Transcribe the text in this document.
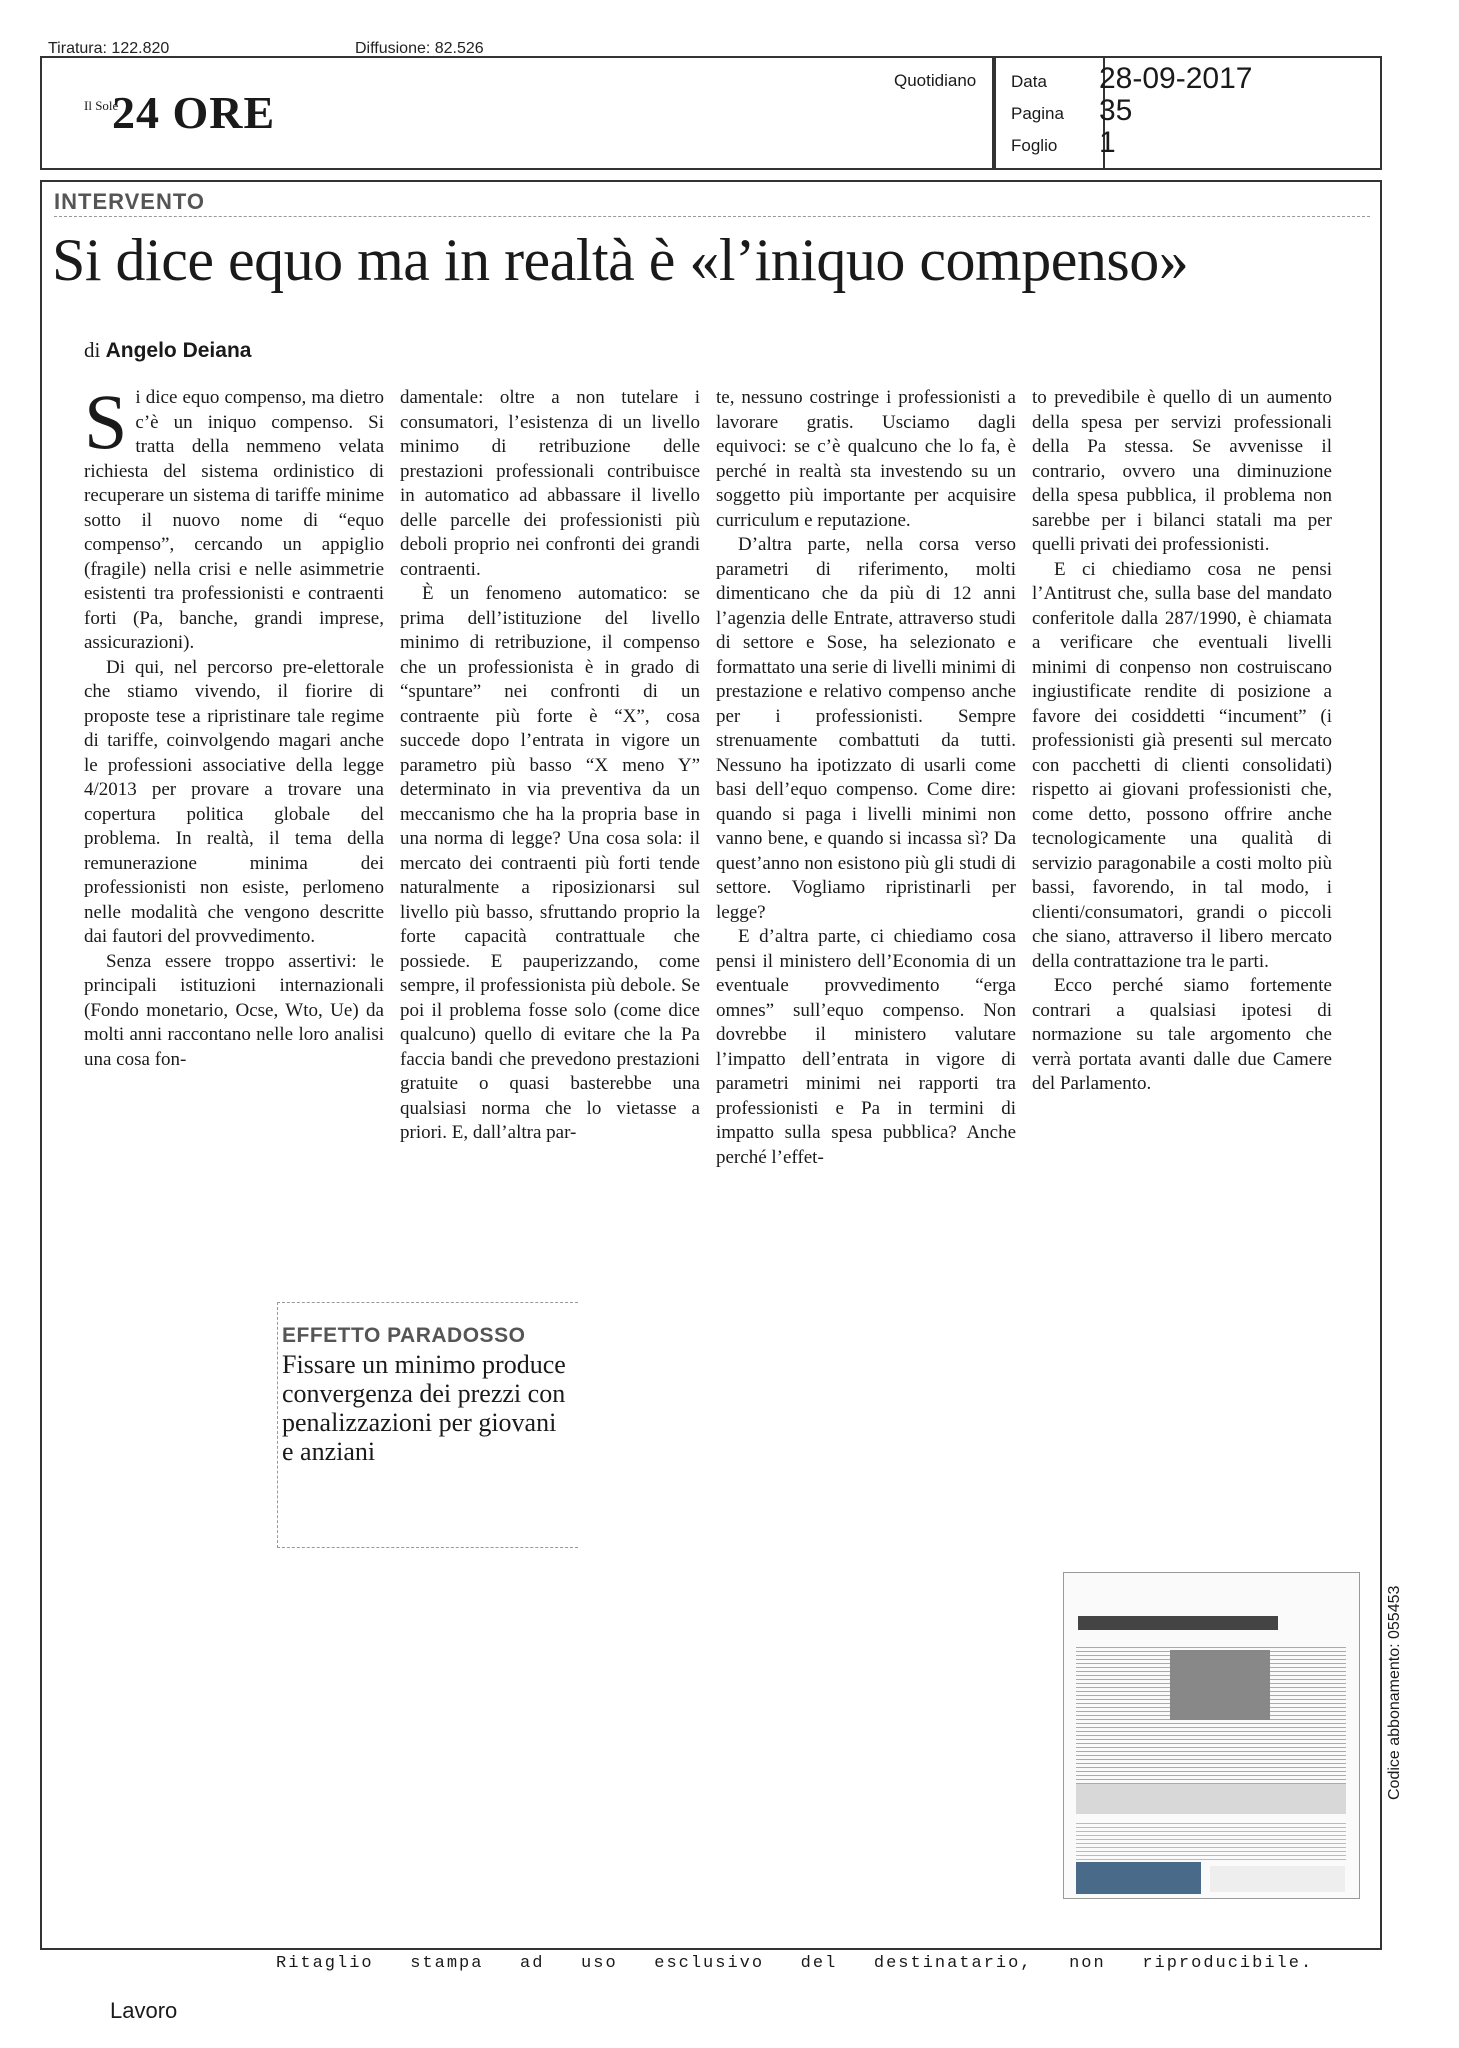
Tiratura: 122.820	Diffusione: 82.526
Il Sole
24 ORE
Quotidiano Data 28-09-2017
Pagina 35
Foglio 1
INTERVENTO
Si dice equo ma in realtà è «l’iniquo compenso»
di Angelo Deiana

Si dice equo compenso, ma dietro c’è un iniquo compenso. Si tratta della nemmeno velata richiesta del sistema ordinistico di recuperare un sistema di tariffe minime sotto il nuovo nome di “equo compenso”, cercando un appiglio (fragile) nella crisi e nelle asimmetrie esistenti tra professionisti e contraenti forti (Pa, banche, grandi imprese, assicurazioni).

Di qui, nel percorso pre-elettorale che stiamo vivendo, il fiorire di proposte tese a ripristinare tale regime di tariffe, coinvolgendo magari anche le professioni associative della legge 4/2013 per provare a trovare una copertura politica globale del problema. In realtà, il tema della remunerazione minima dei professionisti non esiste, perlomeno nelle modalità che vengono descritte dai fautori del provvedimento.

Senza essere troppo assertivi: le principali istituzioni internazionali (Fondo monetario, Ocse, Wto, Ue) da molti anni raccontano nelle loro analisi una cosa fon-

damentale: oltre a non tutelare i consumatori, l’esistenza di un livello minimo di retribuzione delle prestazioni professionali contribuisce in automatico ad abbassare il livello delle parcelle dei professionisti più deboli proprio nei confronti dei grandi contraenti.

È un fenomeno automatico: se prima dell’istituzione del livello minimo di retribuzione, il compenso che un professionista è in grado di “spuntare” nei confronti di un contraente più forte è “X”, cosa succede dopo l’entrata in vigore un parametro più basso “X meno Y” determinato in via preventiva da un meccanismo che ha la propria base in una norma di legge? Una cosa sola: il mercato dei contraenti più forti tende naturalmente a riposizionarsi sul livello più basso, sfruttando proprio la forte capacità contrattuale che possiede. E pauperizzando, come sempre, il professionista più debole. Se poi il problema fosse solo (come dice qualcuno) quello di evitare che la Pa faccia bandi che prevedono prestazioni gratuite o quasi basterebbe una qualsiasi norma che lo vietasse a priori. E, dall’altra par-

te, nessuno costringe i professionisti a lavorare gratis. Usciamo dagli equivoci: se c’è qualcuno che lo fa, è perché in realtà sta investendo su un soggetto più importante per acquisire curriculum e reputazione.

D’altra parte, nella corsa verso parametri di riferimento, molti dimenticano che da più di 12 anni l’agenzia delle Entrate, attraverso studi di settore e Sose, ha selezionato e formattato una serie di livelli minimi di prestazione e relativo compenso anche per i professionisti. Sempre strenuamente combattuti da tutti. Nessuno ha ipotizzato di usarli come basi dell’equo compenso. Come dire: quando si paga i livelli minimi non vanno bene, e quando si incassa sì? Da quest’anno non esistono più gli studi di settore. Vogliamo ripristinarli per legge?

E d’altra parte, ci chiediamo cosa pensi il ministero dell’Economia di un eventuale provvedimento “erga omnes” sull’equo compenso. Non dovrebbe il ministero valutare l’impatto dell’entrata in vigore di parametri minimi nei rapporti tra professionisti e Pa in termini di impatto sulla spesa pubblica? Anche perché l’effet-

to prevedibile è quello di un aumento della spesa per servizi professionali della Pa stessa. Se avvenisse il contrario, ovvero una diminuzione della spesa pubblica, il problema non sarebbe per i bilanci statali ma per quelli privati dei professionisti.

E ci chiediamo cosa ne pensi l’Antitrust che, sulla base del mandato conferitole dalla 287/1990, è chiamata a verificare che eventuali livelli minimi di conpenso non costruiscano ingiustificate rendite di posizione a favore dei cosiddetti “incument” (i professionisti già presenti sul mercato con pacchetti di clienti consolidati) rispetto ai giovani professionisti che, come detto, possono offrire anche tecnologicamente una qualità di servizio paragonabile a costi molto più bassi, favorendo, in tal modo, i clienti/consumatori, grandi o piccoli che siano, attraverso il libero mercato della contrattazione tra le parti.

Ecco perché siamo fortemente contrari a qualsiasi ipotesi di normazione su tale argomento che verrà portata avanti dalle due Camere del Parlamento.

EFFETTO PARADOSSO
Fissare un minimo produce convergenza dei prezzi con penalizzazioni per giovani e anziani
Ritaglio   stampa   ad   uso   esclusivo   del   destinatario,   non   riproducibile.
Codice abbonamento: 055453
Lavoro
